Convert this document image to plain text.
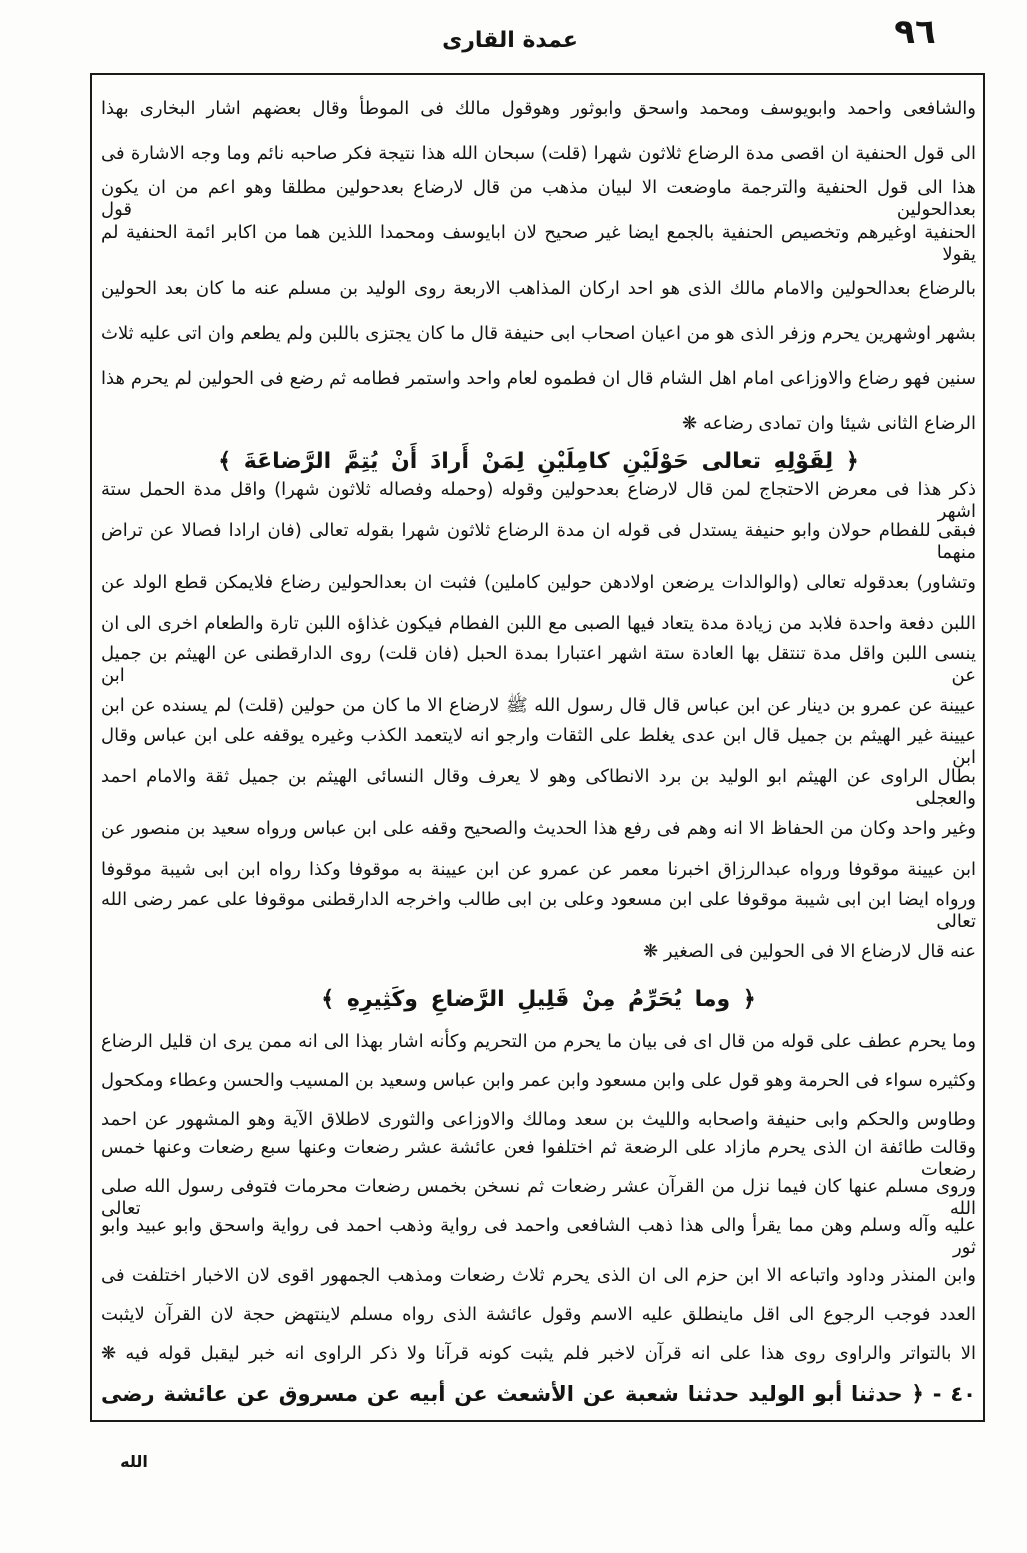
٩٦
عمدة القارى
والشافعى واحمد وابويوسف ومحمد واسحق وابوثور وهوقول مالك فى الموطأ وقال بعضهم اشار البخارى بهذا
الى قول الحنفية ان اقصى مدة الرضاع ثلاثون شهرا (قلت) سبحان الله هذا نتيجة فكر صاحبه نائم وما وجه الاشارة فى
هذا الى قول الحنفية والترجمة ماوضعت الا لبيان مذهب من قال لارضاع بعدحولين مطلقا وهو اعم من ان يكون بعدالحولين قول
الحنفية اوغيرهم وتخصيص الحنفية بالجمع ايضا غير صحيح لان ابايوسف ومحمدا اللذين هما من اكابر ائمة الحنفية لم يقولا
بالرضاع بعدالحولين والامام مالك الذى هو احد اركان المذاهب الاربعة روى الوليد بن مسلم عنه ما كان بعد الحولين
بشهر اوشهرين يحرم وزفر الذى هو من اعيان اصحاب ابى حنيفة قال ما كان يجتزى باللبن ولم يطعم وان اتى عليه ثلاث
سنين فهو رضاع والاوزاعى امام اهل الشام قال ان فطموه لعام واحد واستمر فطامه ثم رضع فى الحولين لم يحرم هذا
الرضاع الثانى شيئا وان تمادى رضاعه ❋
﴿ لِقَوْلِهِ تعالى حَوْلَيْنِ كامِلَيْنِ لِمَنْ أَرادَ أَنْ يُتِمَّ الرَّضاعَةَ ﴾
ذكر هذا فى معرض الاحتجاج لمن قال لارضاع بعدحولين وقوله (وحمله وفصاله ثلاثون شهرا) واقل مدة الحمل ستة اشهر
فبقى للفطام حولان وابو حنيفة يستدل فى قوله ان مدة الرضاع ثلاثون شهرا بقوله تعالى (فان ارادا فصالا عن تراض منهما
وتشاور) بعدقوله تعالى (والوالدات يرضعن اولادهن حولين كاملين) فثبت ان بعدالحولين رضاع فلايمكن قطع الولد عن
اللبن دفعة واحدة فلابد من زيادة مدة يتعاد فيها الصبى مع اللبن الفطام فيكون غذاؤه اللبن تارة والطعام اخرى الى ان
ينسى اللبن واقل مدة تنتقل بها العادة ستة اشهر اعتبارا بمدة الحبل (فان قلت) روى الدارقطنى عن الهيثم بن جميل عن ابن
عيينة عن عمرو بن دينار عن ابن عباس قال قال رسول الله ﷺ لارضاع الا ما كان من حولين (قلت) لم يسنده عن ابن
عيينة غير الهيثم بن جميل قال ابن عدى يغلط على الثقات وارجو انه لايتعمد الكذب وغيره يوقفه على ابن عباس وقال ابن
بطال الراوى عن الهيثم ابو الوليد بن برد الانطاكى وهو لا يعرف وقال النسائى الهيثم بن جميل ثقة والامام احمد والعجلى
وغير واحد وكان من الحفاظ الا انه وهم فى رفع هذا الحديث والصحيح وقفه على ابن عباس ورواه سعيد بن منصور عن
ابن عيينة موقوفا ورواه عبدالرزاق اخبرنا معمر عن عمرو عن ابن عيينة به موقوفا وكذا رواه ابن ابى شيبة موقوفا
ورواه ايضا ابن ابى شيبة موقوفا على ابن مسعود وعلى بن ابى طالب واخرجه الدارقطنى موقوفا على عمر رضى الله تعالى
عنه قال لارضاع الا فى الحولين فى الصغير ❋
﴿ وما يُحَرِّمُ مِنْ قَلِيلِ الرَّضاعِ وكَثِيرِهِ ﴾
وما يحرم عطف على قوله من قال اى فى بيان ما يحرم من التحريم وكأنه اشار بهذا الى انه ممن يرى ان قليل الرضاع
وكثيره سواء فى الحرمة وهو قول على وابن مسعود وابن عمر وابن عباس وسعيد بن المسيب والحسن وعطاء ومكحول
وطاوس والحكم وابى حنيفة واصحابه والليث بن سعد ومالك والاوزاعى والثورى لاطلاق الآية وهو المشهور عن احمد
وقالت طائفة ان الذى يحرم مازاد على الرضعة ثم اختلفوا فعن عائشة عشر رضعات وعنها سبع رضعات وعنها خمس رضعات
وروى مسلم عنها كان فيما نزل من القرآن عشر رضعات ثم نسخن بخمس رضعات محرمات فتوفى رسول الله صلى الله تعالى
عليه وآله وسلم وهن مما يقرأ والى هذا ذهب الشافعى واحمد فى رواية وذهب احمد فى رواية واسحق وابو عبيد وابو ثور
وابن المنذر وداود واتباعه الا ابن حزم الى ان الذى يحرم ثلاث رضعات ومذهب الجمهور اقوى لان الاخبار اختلفت فى
العدد فوجب الرجوع الى اقل ماينطلق عليه الاسم وقول عائشة الذى رواه مسلم لاينتهض حجة لان القرآن لايثبت
الا بالتواتر والراوى روى هذا على انه قرآن لاخبر فلم يثبت كونه قرآنا ولا ذكر الراوى انه خبر ليقبل قوله فيه ❋
٤٠ - ﴿ حدثنا أبو الوليد حدثنا شعبة عن الأشعث عن أبيه عن مسروق عن عائشة رضى
الله
